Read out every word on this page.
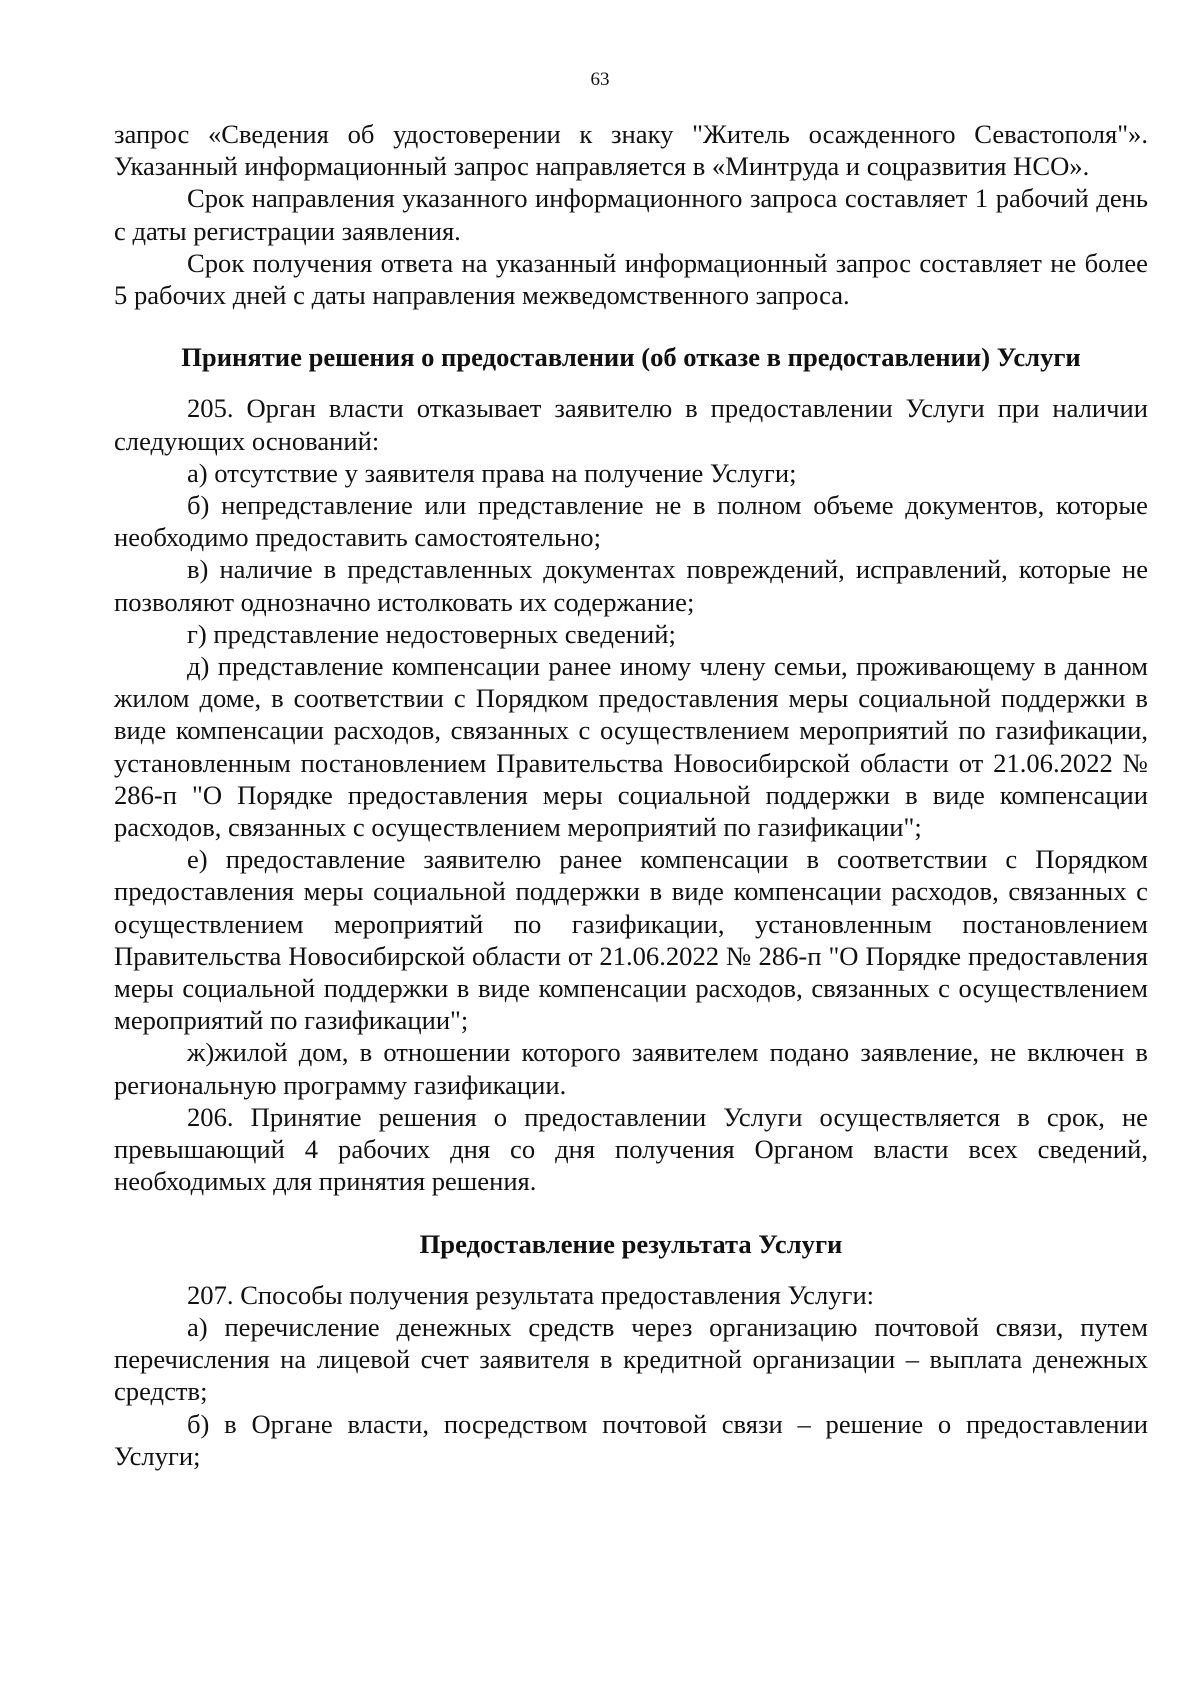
63

запрос «Сведения об удостоверении к знаку "Житель осажденного Севастополя"». Указанный информационный запрос направляется в «Минтруда и соцразвития НСО».

Срок направления указанного информационного запроса составляет 1 рабочий день с даты регистрации заявления.

Срок получения ответа на указанный информационный запрос составляет не более 5 рабочих дней с даты направления межведомственного запроса.

Принятие решения о предоставлении (об отказе в предоставлении) Услуги

205. Орган власти отказывает заявителю в предоставлении Услуги при наличии следующих оснований:

а) отсутствие у заявителя права на получение Услуги;

б) непредставление или представление не в полном объеме документов, которые необходимо предоставить самостоятельно;

в) наличие в представленных документах повреждений, исправлений, которые не позволяют однозначно истолковать их содержание;

г) представление недостоверных сведений;

д) представление компенсации ранее иному члену семьи, проживающему в данном жилом доме, в соответствии с Порядком предоставления меры социальной поддержки в виде компенсации расходов, связанных с осуществлением мероприятий по газификации, установленным постановлением Правительства Новосибирской области от 21.06.2022 № 286-п "О Порядке предоставления меры социальной поддержки в виде компенсации расходов, связанных с осуществлением мероприятий по газификации";

е) предоставление заявителю ранее компенсации в соответствии с Порядком предоставления меры социальной поддержки в виде компенсации расходов, связанных с осуществлением мероприятий по газификации, установленным постановлением Правительства Новосибирской области от 21.06.2022 № 286-п "О Порядке предоставления меры социальной поддержки в виде компенсации расходов, связанных с осуществлением мероприятий по газификации";

ж)жилой дом, в отношении которого заявителем подано заявление, не включен в региональную программу газификации.

206. Принятие решения о предоставлении Услуги осуществляется в срок, не превышающий 4 рабочих дня со дня получения Органом власти всех сведений, необходимых для принятия решения.

Предоставление результата Услуги

207. Способы получения результата предоставления Услуги:

а) перечисление денежных средств через организацию почтовой связи, путем перечисления на лицевой счет заявителя в кредитной организации – выплата денежных средств;

б) в Органе власти, посредством почтовой связи – решение о предоставлении Услуги;
